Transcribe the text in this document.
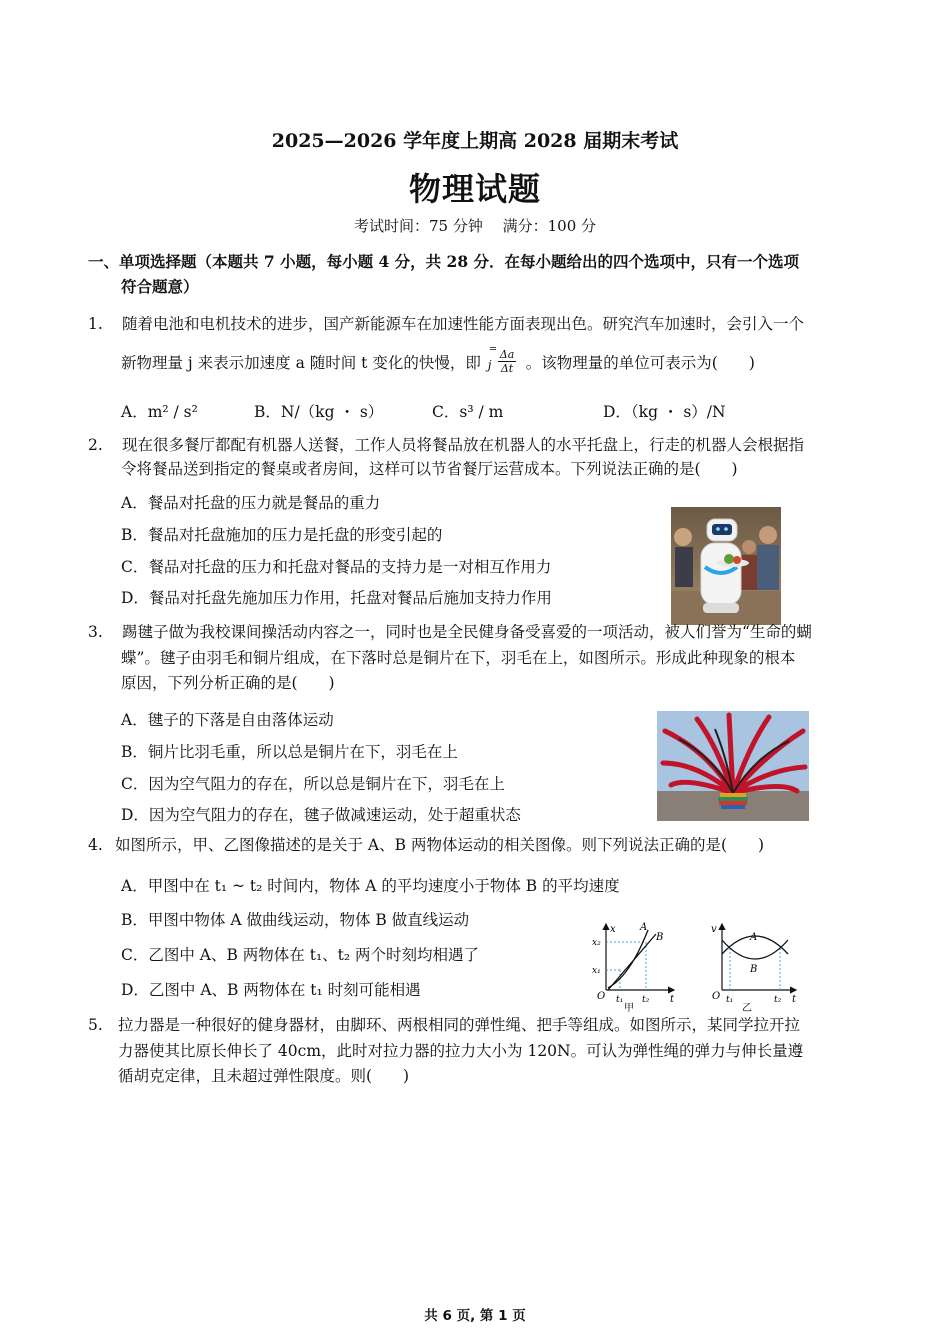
2025—2026 学年度上期高 2028 届期末考试
物理试题
考试时间：75 分钟　 满分：100 分
一、单项选择题（本题共 7 小题，每小题 4 分，共 28 分．在每小题给出的四个选项中，只有一个选项
符合题意）
1. 随着电池和电机技术的进步，国产新能源车在加速性能方面表现出色。研究汽车加速时，会引入一个
新物理量 j 来表示加速度 a 随时间 t 变化的快慢，即 j
= $\frac{\Delta a}{\Delta t}$ 。该物理量的单位可表示为(　　)
A．m² / s²	B．N/（kg ・ s）	C．s³ / m	D．（kg ・ s）/N
2. 现在很多餐厅都配有机器人送餐，工作人员将餐品放在机器人的水平托盘上，行走的机器人会根据指
令将餐品送到指定的餐桌或者房间，这样可以节省餐厅运营成本。下列说法正确的是(　　)
A．餐品对托盘的压力就是餐品的重力
B．餐品对托盘施加的压力是托盘的形变引起的
C．餐品对托盘的压力和托盘对餐品的支持力是一对相互作用力
D．餐品对托盘先施加压力作用，托盘对餐品后施加支持力作用
3. 踢毽子做为我校课间操活动内容之一，同时也是全民健身备受喜爱的一项活动，被人们誉为“生命的蝴
蝶”。毽子由羽毛和铜片组成，在下落时总是铜片在下，羽毛在上，如图所示。形成此种现象的根本
原因，下列分析正确的是(　　)
A．毽子的下落是自由落体运动
B．铜片比羽毛重，所以总是铜片在下，羽毛在上
C．因为空气阻力的存在，所以总是铜片在下，羽毛在上
D．因为空气阻力的存在，毽子做减速运动，处于超重状态
4. 如图所示，甲、乙图像描述的是关于 A、B 两物体运动的相关图像。则下列说法正确的是(　　)
A．甲图中在 t₁ ~ t₂ 时间内，物体 A 的平均速度小于物体 B 的平均速度
B．甲图中物体 A 做曲线运动，物体 B 做直线运动
C．乙图中 A、B 两物体在 t₁、t₂ 两个时刻均相遇了
D．乙图中 A、B 两物体在 t₁ 时刻可能相遇
x
t
x₂
x₁
t₁ t₂
A
B
O
甲
v
t
t₁	t₂
A
B
O
乙
5. 拉力器是一种很好的健身器材，由脚环、两根相同的弹性绳、把手等组成。如图所示，某同学拉开拉
力器使其比原长伸长了 40cm，此时对拉力器的拉力大小为 120N。可认为弹性绳的弹力与伸长量遵
循胡克定律，且未超过弹性限度。则(　　)
共 6 页, 第 1 页
